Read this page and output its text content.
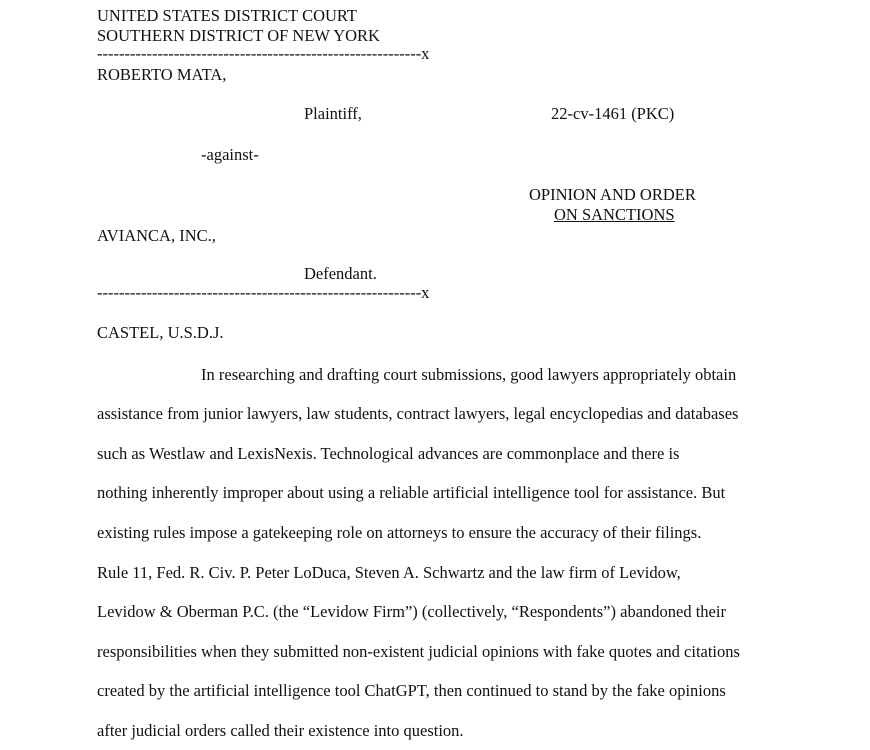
UNITED STATES DISTRICT COURT
SOUTHERN DISTRICT OF NEW YORK
-----------------------------------------------------------x
ROBERTO MATA,
Plaintiff,	22-cv-1461 (PKC)
-against-
OPINION AND ORDER
ON SANCTIONS
AVIANCA, INC.,
Defendant.
-----------------------------------------------------------x
CASTEL, U.S.D.J.
In researching and drafting court submissions, good lawyers appropriately obtain
assistance from junior lawyers, law students, contract lawyers, legal encyclopedias and databases
such as Westlaw and LexisNexis. Technological advances are commonplace and there is
nothing inherently improper about using a reliable artificial intelligence tool for assistance. But
existing rules impose a gatekeeping role on attorneys to ensure the accuracy of their filings.
Rule 11, Fed. R. Civ. P. Peter LoDuca, Steven A. Schwartz and the law firm of Levidow,
Levidow & Oberman P.C. (the “Levidow Firm”) (collectively, “Respondents”) abandoned their
responsibilities when they submitted non-existent judicial opinions with fake quotes and citations
created by the artificial intelligence tool ChatGPT, then continued to stand by the fake opinions
after judicial orders called their existence into question.
